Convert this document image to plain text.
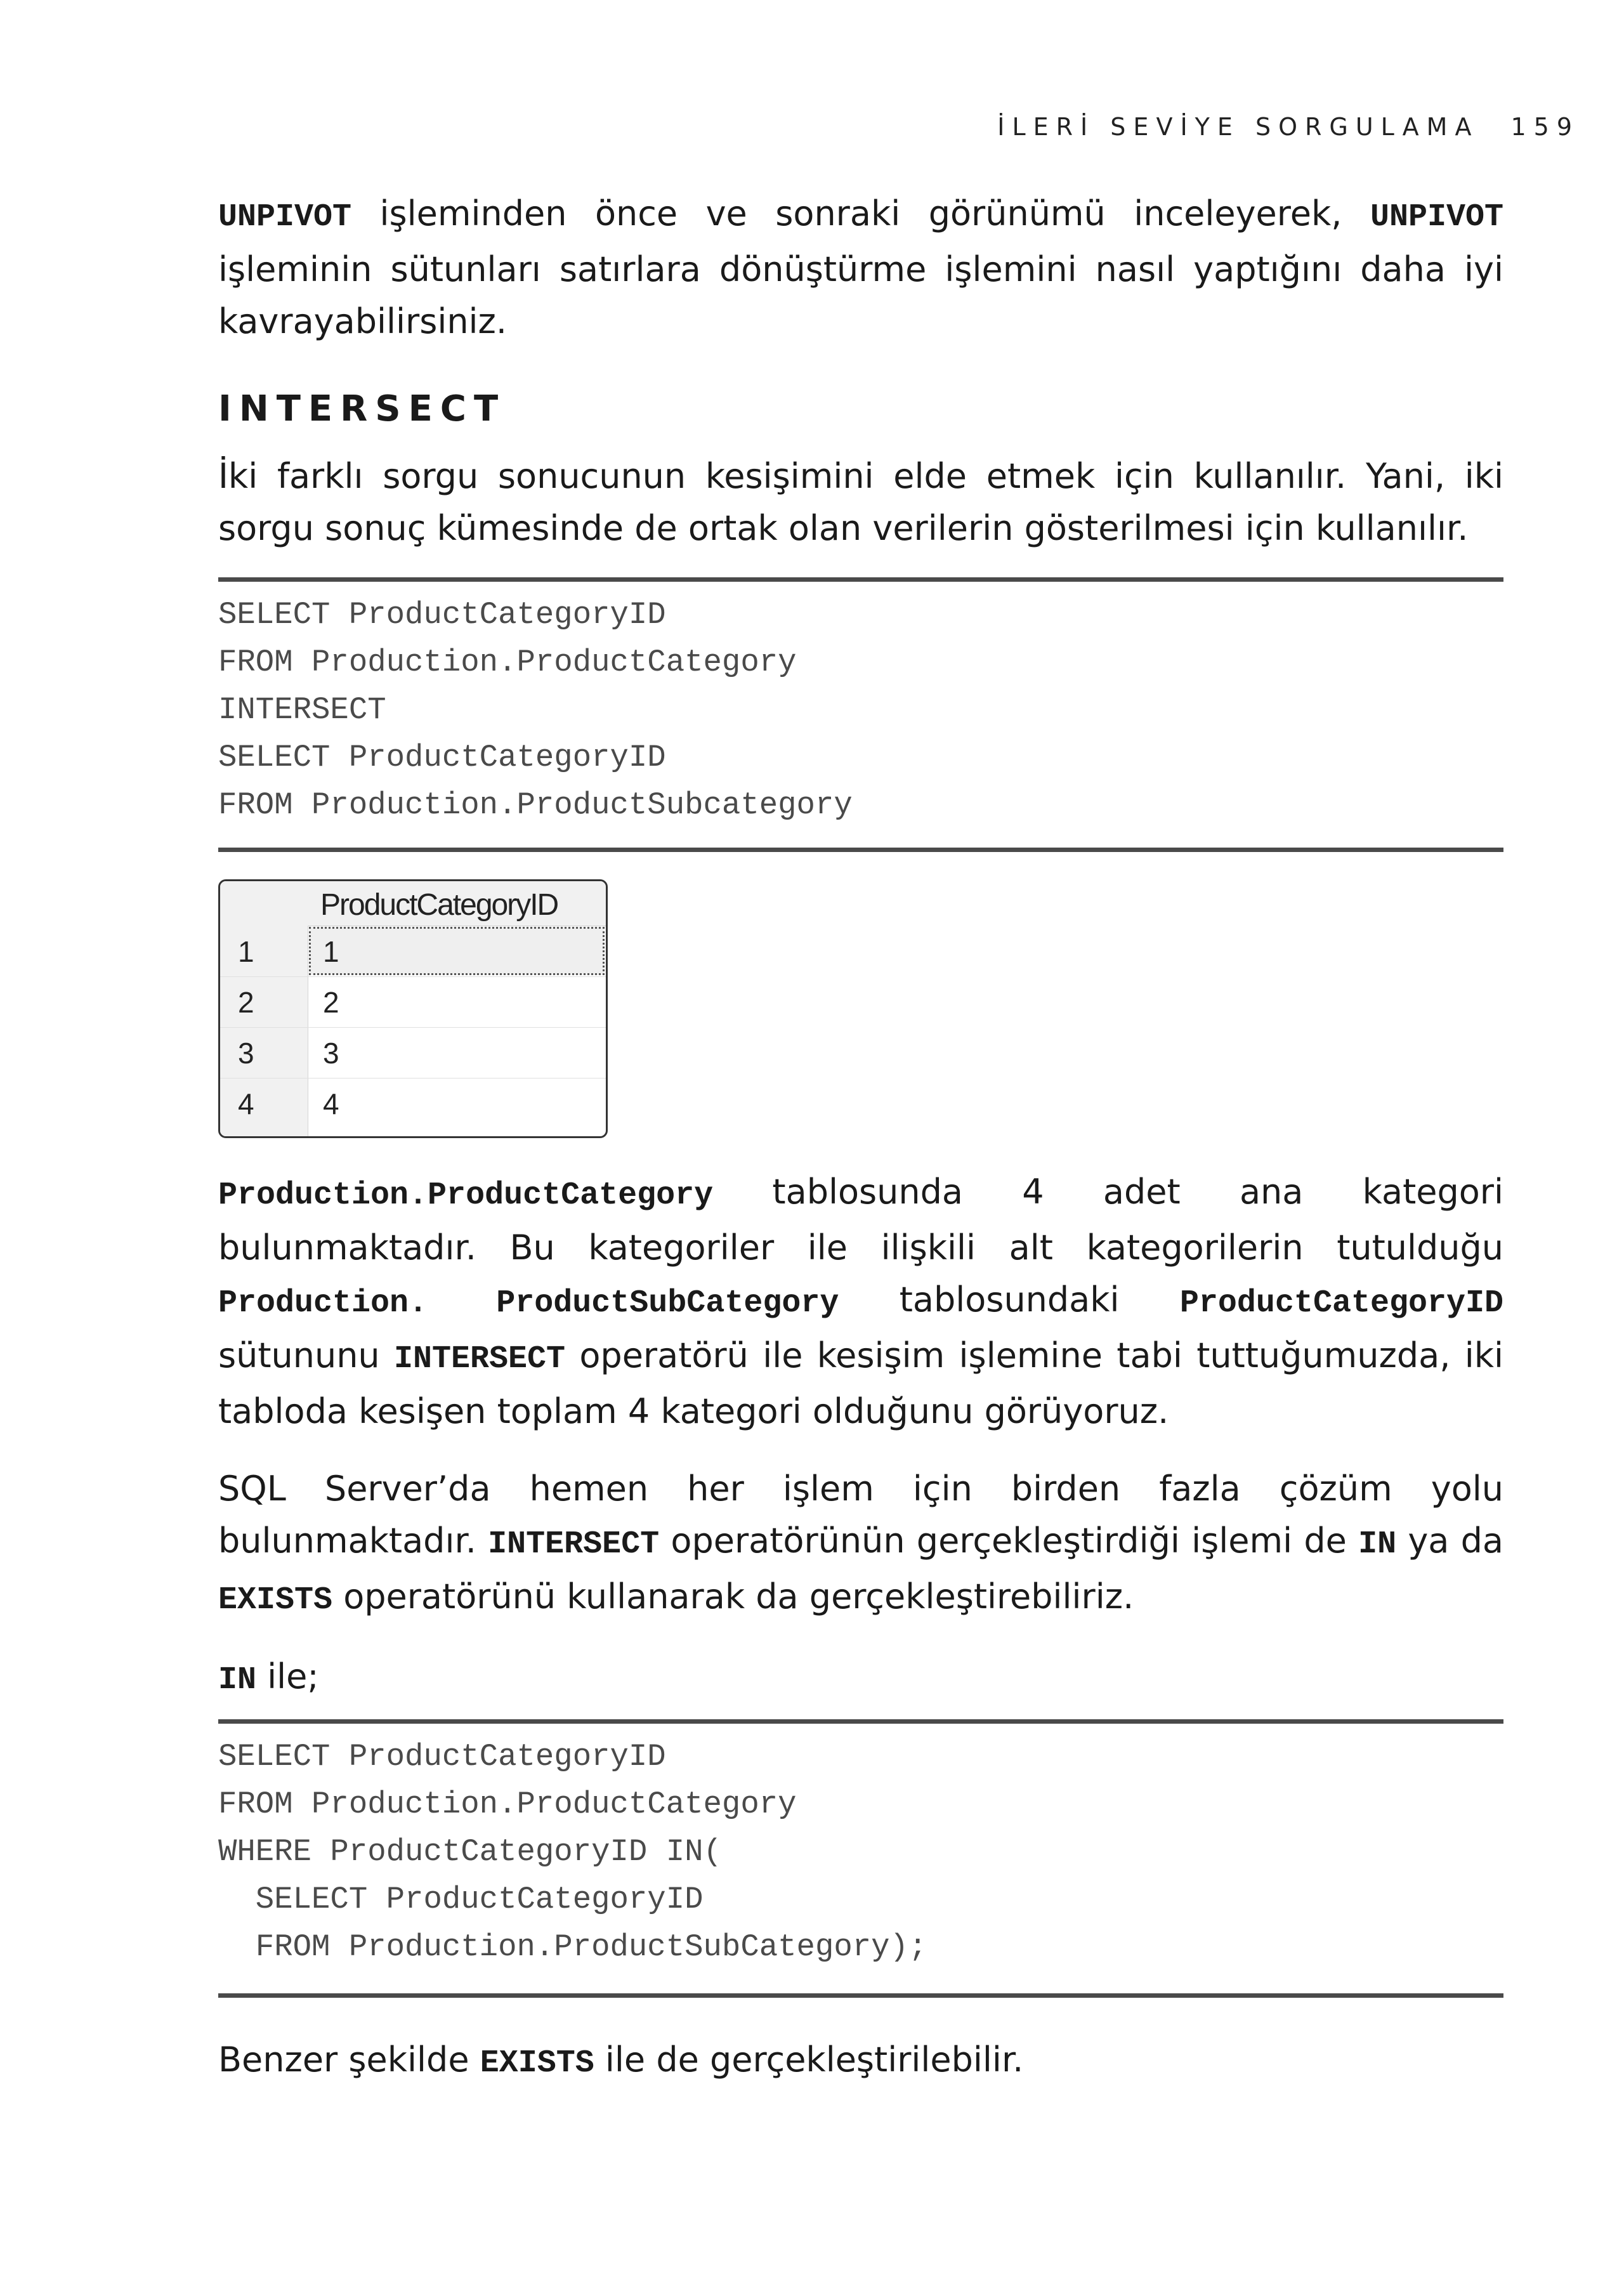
İLERİ SEVİYE SORGULAMA 159

UNPIVOT işleminden önce ve sonraki görünümü inceleyerek, UNPIVOT işleminin sütunları satırlara dönüştürme işlemini nasıl yaptığını daha iyi kavrayabilirsiniz.

INTERSECT

İki farklı sorgu sonucunun kesişimini elde etmek için kullanılır. Yani, iki sorgu sonuç kümesinde de ortak olan verilerin gösterilmesi için kullanılır.

SELECT ProductCategoryID
FROM Production.ProductCategory
INTERSECT
SELECT ProductCategoryID
FROM Production.ProductSubcategory
ProductCategoryID
1 1
2 2
3 3
4 4

Production.ProductCategory tablosunda 4 adet ana kategori bulunmaktadır. Bu kategoriler ile ilişkili alt kategorilerin tutulduğu Production. ProductSubCategory tablosundaki ProductCategoryID sütununu INTERSECT operatörü ile kesişim işlemine tabi tuttuğumuzda, iki tabloda kesişen toplam 4 kategori olduğunu görüyoruz.

SQL Server’da hemen her işlem için birden fazla çözüm yolu bulunmaktadır. INTERSECT operatörünün gerçekleştirdiği işlemi de IN ya da EXISTS operatörünü kullanarak da gerçekleştirebiliriz.

IN ile;

SELECT ProductCategoryID
FROM Production.ProductCategory
WHERE ProductCategoryID IN(
SELECT ProductCategoryID
FROM Production.ProductSubCategory);

Benzer şekilde EXISTS ile de gerçekleştirilebilir.
